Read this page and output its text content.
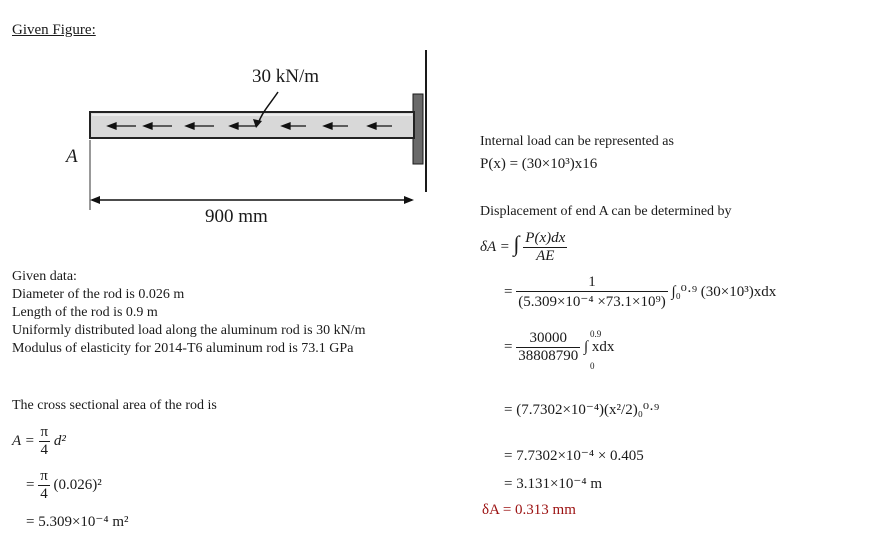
Given Figure:
30 kN/m
A
900 mm
Given data:
Diameter of the rod is 0.026 m
Length of the rod is 0.9 m
Uniformly distributed load along the aluminum rod is 30 kN/m
Modulus of elasticity for 2014-T6 aluminum rod is 73.1 GPa
The cross sectional area of the rod is
$A = \frac{\pi}{4} d^2$
= $\frac{\pi}{4} (0.026)^2$
= 5.309×10⁻⁴ m²
Internal load can be represented as
P(x) = (30×10³)x16
Displacement of end A can be determined by
δA = ∫ $\frac{P(x)dx}{AE}$
= $\frac{1}{\text{(5.309×10⁻⁴ ×73.1×10⁹)}} \int_0^0\cdot^9$ (30×10³)xdx
= $\frac{30000}{38808790}$
0.9
0
∫ xdx
= (7.7302×10⁻⁴)(x²/2)₀⁰·⁹
= 7.7302×10⁻⁴ × 0.405
= 3.131×10⁻⁴ m
δA = 0.313 mm
